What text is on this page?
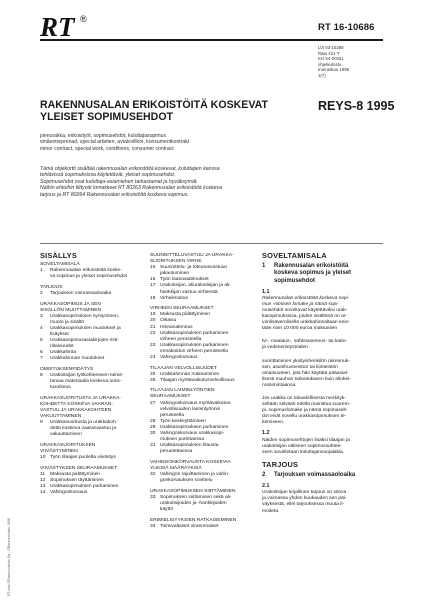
RT ®
RT 16-10686
LVI 03-10288
Ratu 421-T
KH X4-00261
ohjetiedosto
marraskuu 1998
1(7)
RAKENNUSALAN ERIKOISTÖITÄ KOSKEVAT
YLEISET SOPIMUSEHDOT
REYS-8 1995
pienurakka, erikoistyöt, sopimusehdot, kuluttajasopimus
småentreprenad, special arbeten, avtalsvillkor, konsumentkontrakt
minor contract, special work, conditions, consumer contract
Tämä ohjekortti sisältää rakennusalan erikoistöitä koskevat, kuluttajien kanssa
tehtävissä sopimuksissa käytettävät, yleiset sopimusehdot.
Sopimusehdot ovat kuluttaja-asiamiehen tarkastamat ja hyväksymät.
Näihin ehtoihin liittyvät lomakkeet RT 80263 Rakennusalan erikoistöitä koskeva
tarjous ja RT 80264 Rakennusalan erikoistöitä koskeva sopimus.
SISÄLLYS
SOVELTAMISALA
1	Rakennusalan erikoistöitä koske-
va sopimus ja yleiset sopimusehdot
TARJOUS
2	Tarjouksen voimassaoloaika
URAKKASOPIMUS JA SEN
SISÄLLÖN MUUTTAMINEN
3	Urakkasopimuksen syntyminen,
muoto ja sisältö
4	Urakkasopimuksen muutokset ja
lisäykset
5	Urakkasopimusasiakirjojen risti-
riitaisuudet
6	Urakkahinta
7	Urakkahinnan muutokset
OMISTUKSENPIDÄTYS
8	Urakoitsijan työkohteeseen toimit-
tamaa materiaalia koskeva omis-
tusoikeus
URAKKASUORITUSTA JA URAKKA-
KOHDETTA KOSKEVA VAARAN-
VASTUU JA URAKKAKOHTEEN
VAKUUTTAMINEN
9	Urakkasuoritusta ja urakkakoh-
detta koskeva vaaranvastuu ja
vakuuttaminen
URAKKASUORITUKSEN
VIIVÄSTYMINEN
10 Työn tilaajan puolelta viivästys
VIIVÄSTYKSEN SEURAAMUKSET
11	Maksusta pidättyminen
12 Sopimuksen täyttäminen
13 Urakkasopimuksen purkaminen
14 Vahingonkorvaus
SUUNNITTELUVASTUU JA URAKKA-
SUORITUKSEN VIRHE
15 Suunnittelu- ja toteutusvastuun
jakautuminen
16 Työn laatuvaatimukset
17 Urakoitsijan, aliurakoitsijan ja ali-
hankkijan vastuu virheestä
18 Virheilmoitus
VIRHEEN SEURAAMUKSET
19 Maksusta pidättyminen
20 Oikaisu
21 Hinnanalennus
22 Urakkasopimuksen purkaminen
virheen perusteella
23 Urakkasopimuksen purkaminen
ennakoidun virheen perusteella
24 Vahingonkorvaus
TILAAJAN VELVOLLISUUDET
25 Urakkahinnan maksaminen
26 Tilaajan myötävaikutusvelvollisuus
TILAAJAN LAIMINLYÖNTIEN
SEURAAMUKSET
27 Vahingonkorvaus myötävaikutus-
velvollisuuden laiminlyönnin
perusteella
28 Työn keskeyttäminen
29 Urakkasopimuksen purkaminen
30 Vahingonkorvaus urakkasopi-
muksen purettaessa
31 Urakkasopimuksen tilausta
peruutettaessa
VAHINGONKORVAUSTA KOSKEVIA
YLEISIÄ MÄÄRÄYKSIÄ
32 Vahingon rajoittaminen ja vahin-
gonkorvauksen sovittelu
URAKKASOPIMUKSEN SIIRTÄMINEN
33 Sopimuksen siirtäminen sekä ali-
urakoitsijoiden ja -hankkijoiden
käyttö
ERIMIELISYYKSIEN RATKAISEMINEN
34 Toimivaltaiset viranomaiset
SOVELTAMISALA
1	Rakennusalan erikoistöitä
koskeva sopimus ja yleiset
sopimusehdot
1.1

Rakennusalan erikoistöitä koskeva sopi-
mus -nimisen lomake ja nämä sopi-
musehdot soveltuvat käytettäviksi urak-
kasopimuksissa, joiden sisältönä on ar-
vonlisäverolisellä urakkahinnaltaan enin-
tään noin 10 000 euroa maksavien

lvi-, maalaus-, sähköasennus- tai katto-
ja vedeneristystöiden

suorittaminen yksityishenkilön rakennuk-
sen, asuinhuoneiston tai kiinteistön
omaisuuteen, jota hän käyttää pääasial-
lisesti muuhun tarkoitukseen kuin elinkei-
notoimintaansa.

Jos urakka on taloudellisesta merkityk-
seltään selvästi edellä mainittua suurem-
pi, sopimuslomake ja nämä sopimuseh-
dot eivät sovellu urakkasopimuksen te-
kemiseen.

1.2

Näiden sopimusehtojen lisäksi tilaajan ja
urakoitsijan väliseen sopimussuhtee-
seen sovelletaan kuluttajansuojalakia.

TARJOUS
2	Tarjouksen voimassaoloaika
2.1

Urakoitsijan kirjallinen tarjous on sitova
ja voimassa yhden kuukauden sen päi-
väyksestä, ellei tarjouksessa muuta il-
moiteta.

RT-tieto ©Rakennustieto Oy - ©Rakennustieto 1998
